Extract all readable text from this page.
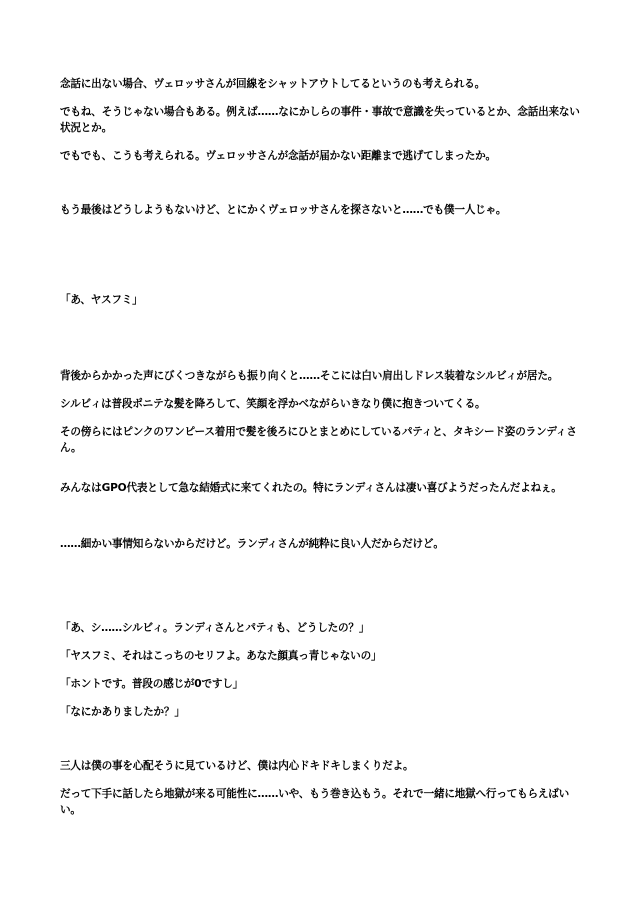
念話に出ない場合、ヴェロッサさんが回線をシャットアウトしてるというのも考えられる。

でもね、そうじゃない場合もある。例えば……なにかしらの事件・事故で意識を失っているとか、念話出来ない状況とか。

でもでも、こうも考えられる。ヴェロッサさんが念話が届かない距離まで逃げてしまったか。

もう最後はどうしようもないけど、とにかくヴェロッサさんを探さないと……でも僕一人じゃ。

「あ、ヤスフミ」

背後からかかった声にびくつきながらも振り向くと……そこには白い肩出しドレス装着なシルビィが居た。

シルビィは普段ポニテな髪を降ろして、笑顔を浮かべながらいきなり僕に抱きついてくる。

その傍らにはピンクのワンピース着用で髪を後ろにひとまとめにしているパティと、タキシード姿のランディさん。

みんなはGPO代表として急な結婚式に来てくれたの。特にランディさんは凄い喜びようだったんだよねぇ。

……細かい事情知らないからだけど。ランディさんが純粋に良い人だからだけど。

「あ、シ……シルビィ。ランディさんとパティも、どうしたの？」

「ヤスフミ、それはこっちのセリフよ。あなた顔真っ青じゃないの」

「ホントです。普段の感じが0ですし」

「なにかありましたか？」

三人は僕の事を心配そうに見ているけど、僕は内心ドキドキしまくりだよ。

だって下手に話したら地獄が来る可能性に……いや、もう巻き込もう。それで一緒に地獄へ行ってもらえばいい。
